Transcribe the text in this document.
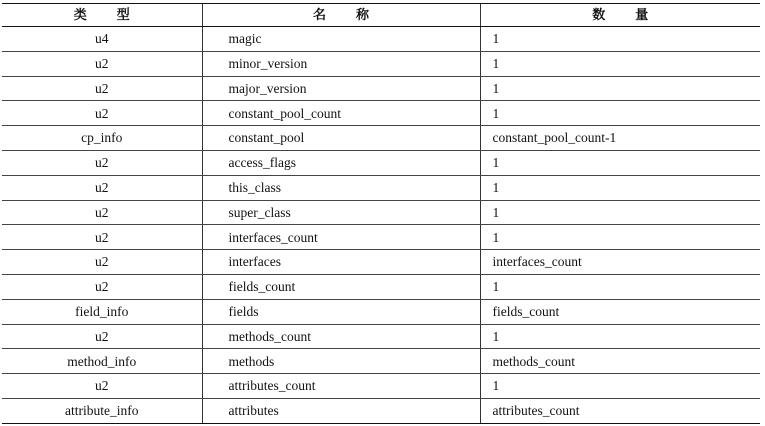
类 型	名 称	数 量
u4	magic	1
u2	minor_version	1
u2	major_version	1
u2	constant_pool_count	1
cp_info	constant_pool	constant_pool_count-1
u2	access_flags	1
u2	this_class	1
u2	super_class	1
u2	interfaces_count	1
u2	interfaces	interfaces_count
u2	fields_count	1
field_info	fields	fields_count
u2	methods_count	1
method_info	methods	methods_count
u2	attributes_count	1
attribute_info	attributes	attributes_count
